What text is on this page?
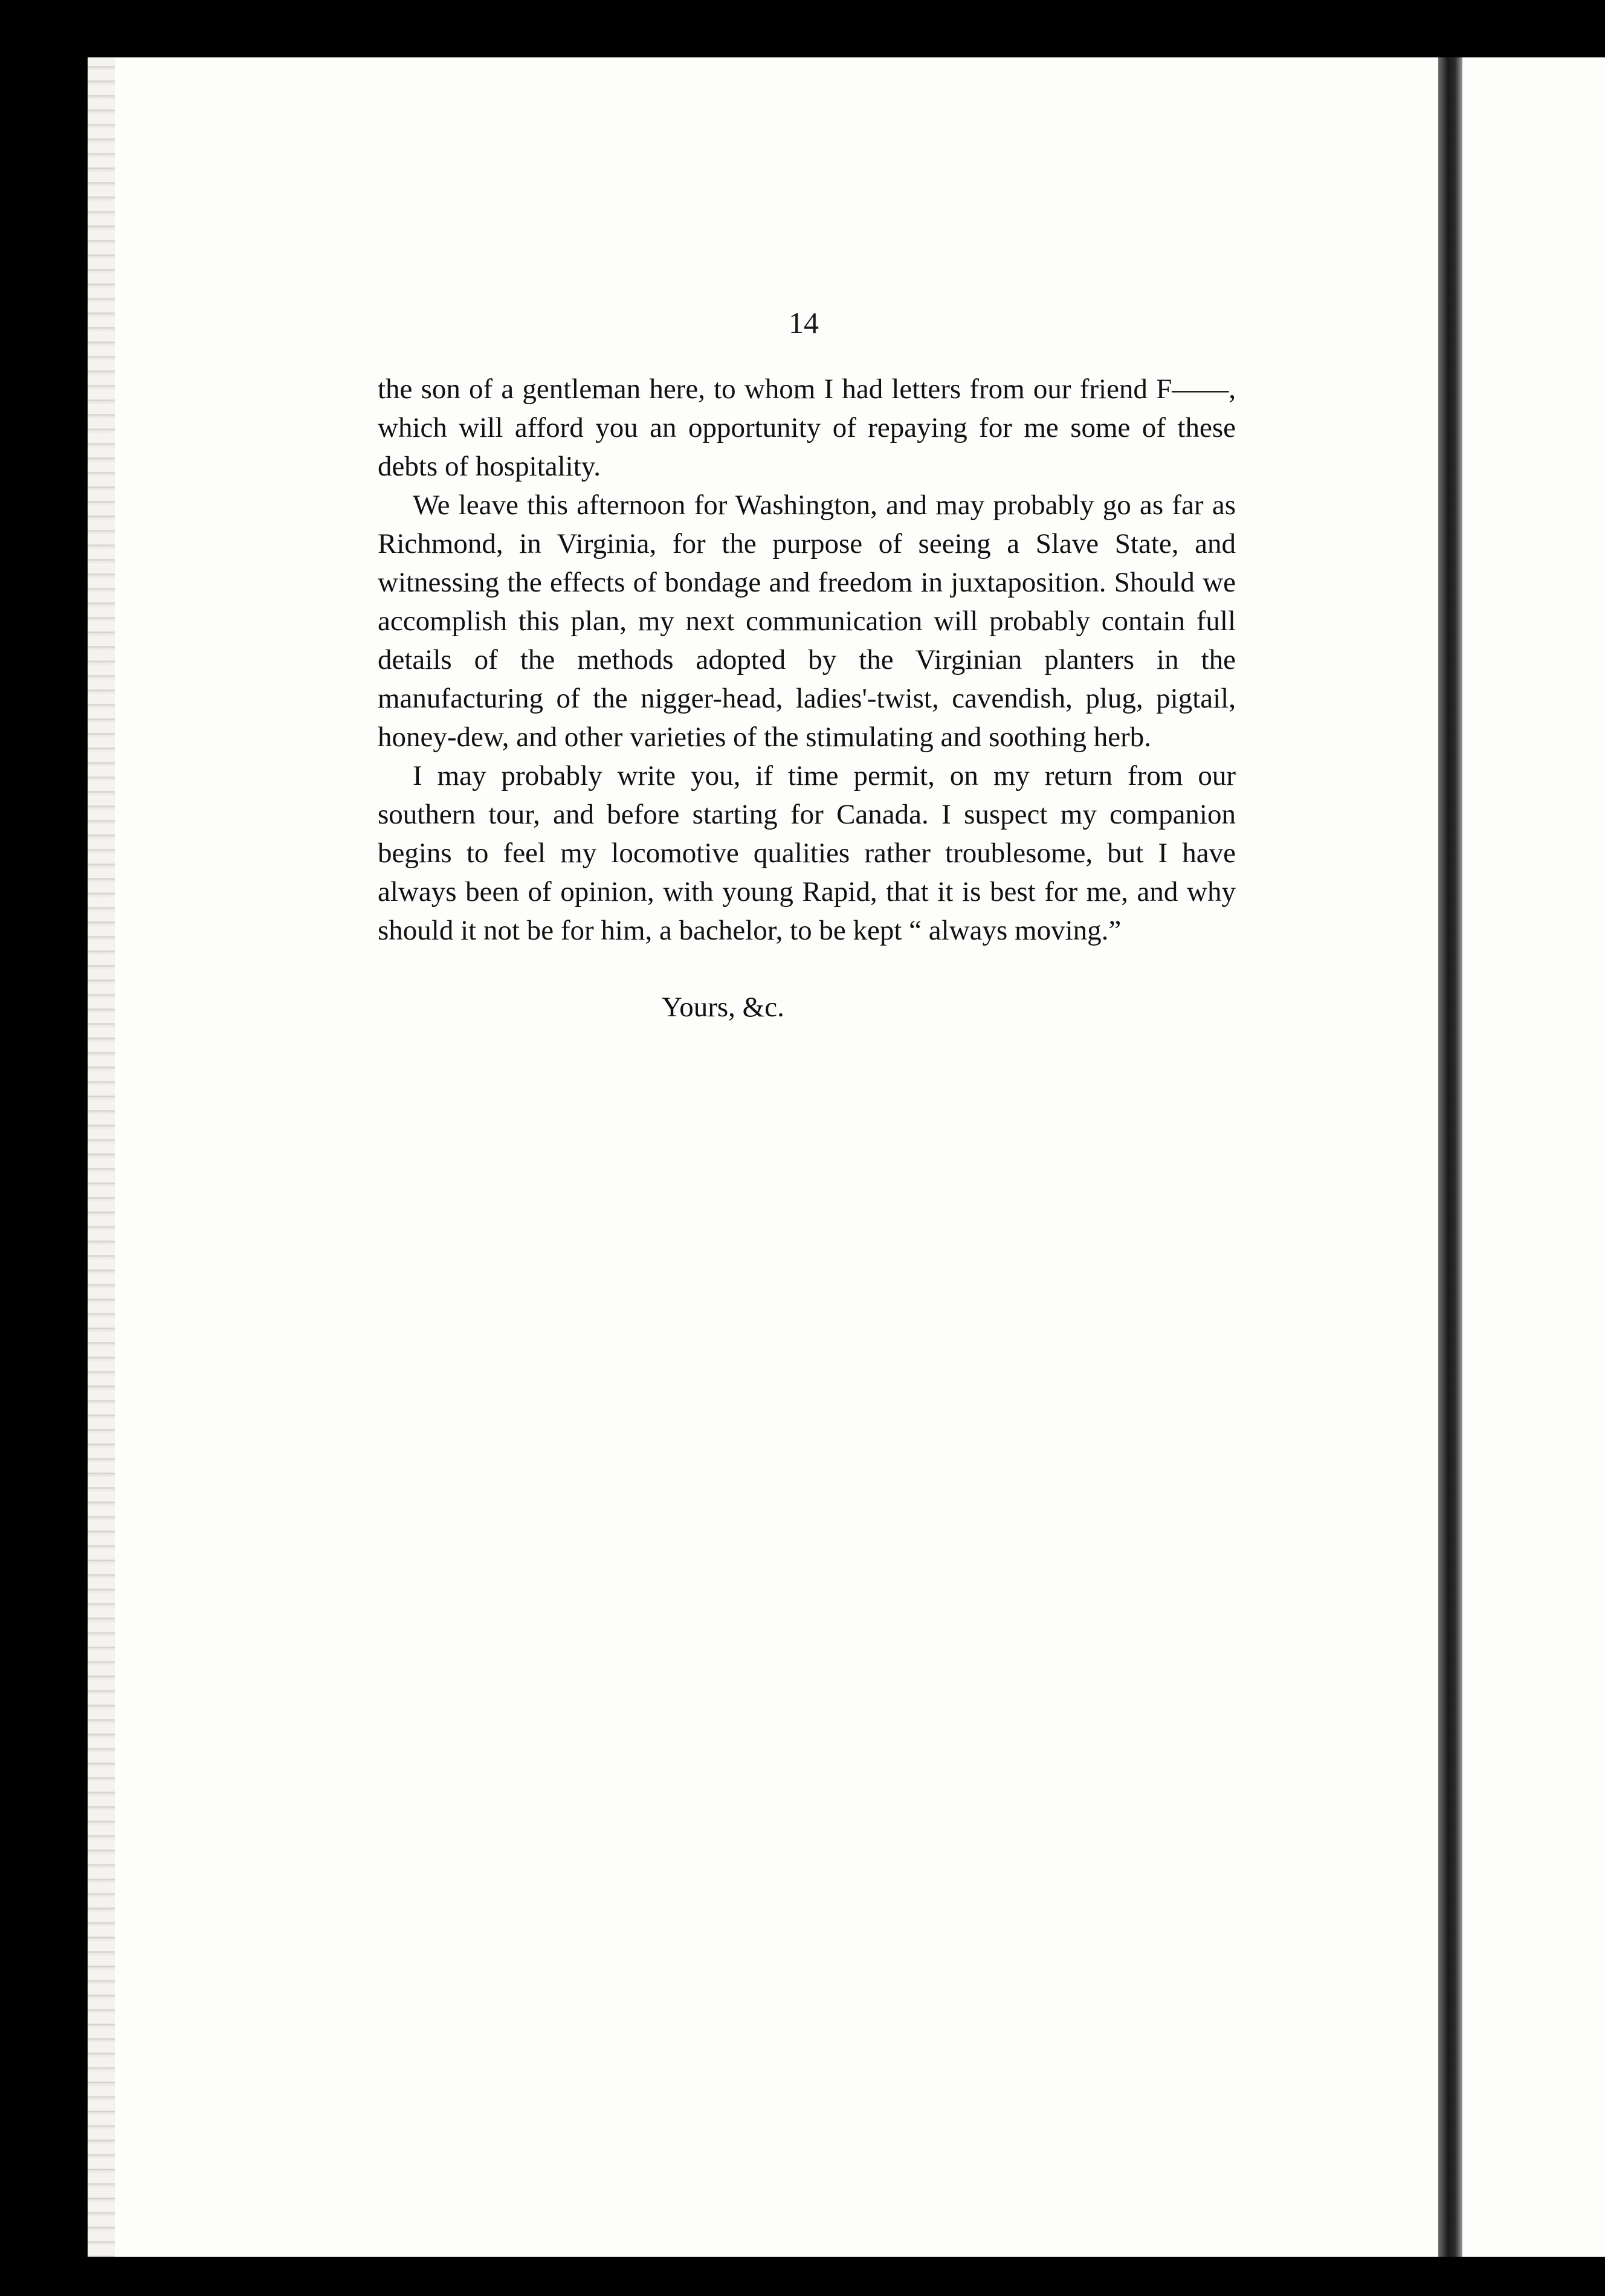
14

the son of a gentleman here, to whom I had letters from our friend F——, which will afford you an opportunity of repaying for me some of these debts of hospitality.

We leave this afternoon for Washington, and may probably go as far as Richmond, in Virginia, for the purpose of seeing a Slave State, and witnessing the effects of bondage and freedom in juxtaposition. Should we accomplish this plan, my next communication will probably contain full details of the methods adopted by the Virginian planters in the manufacturing of the nigger-head, ladies'-twist, cavendish, plug, pigtail, honey-dew, and other varieties of the stimulating and soothing herb.

I may probably write you, if time permit, on my return from our southern tour, and before starting for Canada. I suspect my companion begins to feel my locomotive qualities rather troublesome, but I have always been of opinion, with young Rapid, that it is best for me, and why should it not be for him, a bachelor, to be kept “ always moving.”

Yours, &c.
